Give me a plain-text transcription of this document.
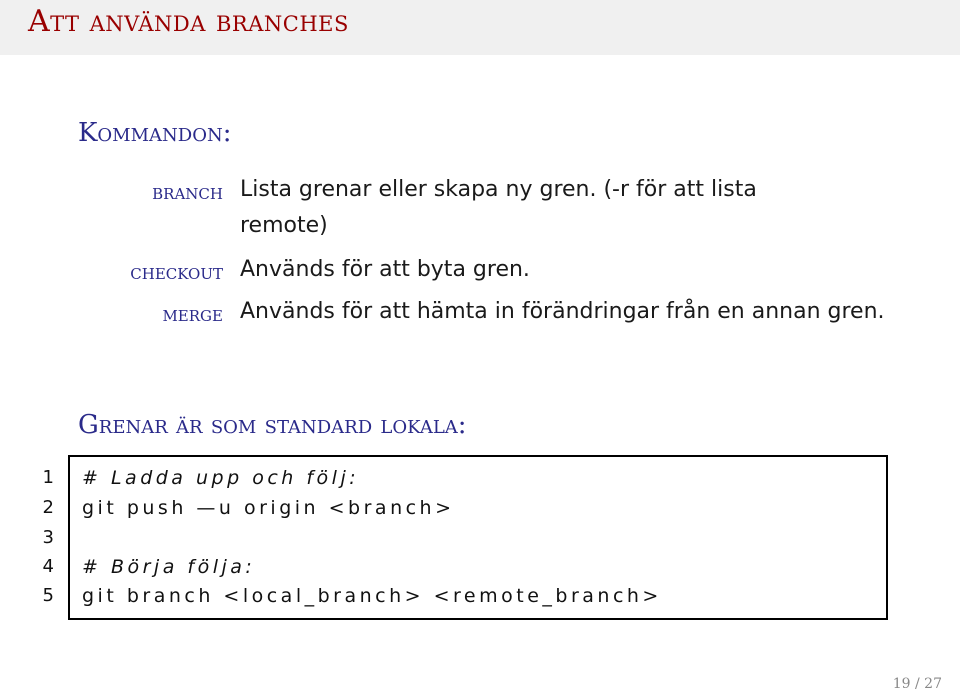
Att använda branches
Kommandon:
branch Lista grenar eller skapa ny gren. (-r för att lista remote)
checkout Används för att byta gren.
merge Används för att hämta in förändringar från en annan gren.
Grenar är som standard lokala:
1
2
3
4
5
# Ladda upp och följ:
git push —u origin <branch>
# Börja följa:
git branch <local_branch> <remote_branch>
19 / 27
